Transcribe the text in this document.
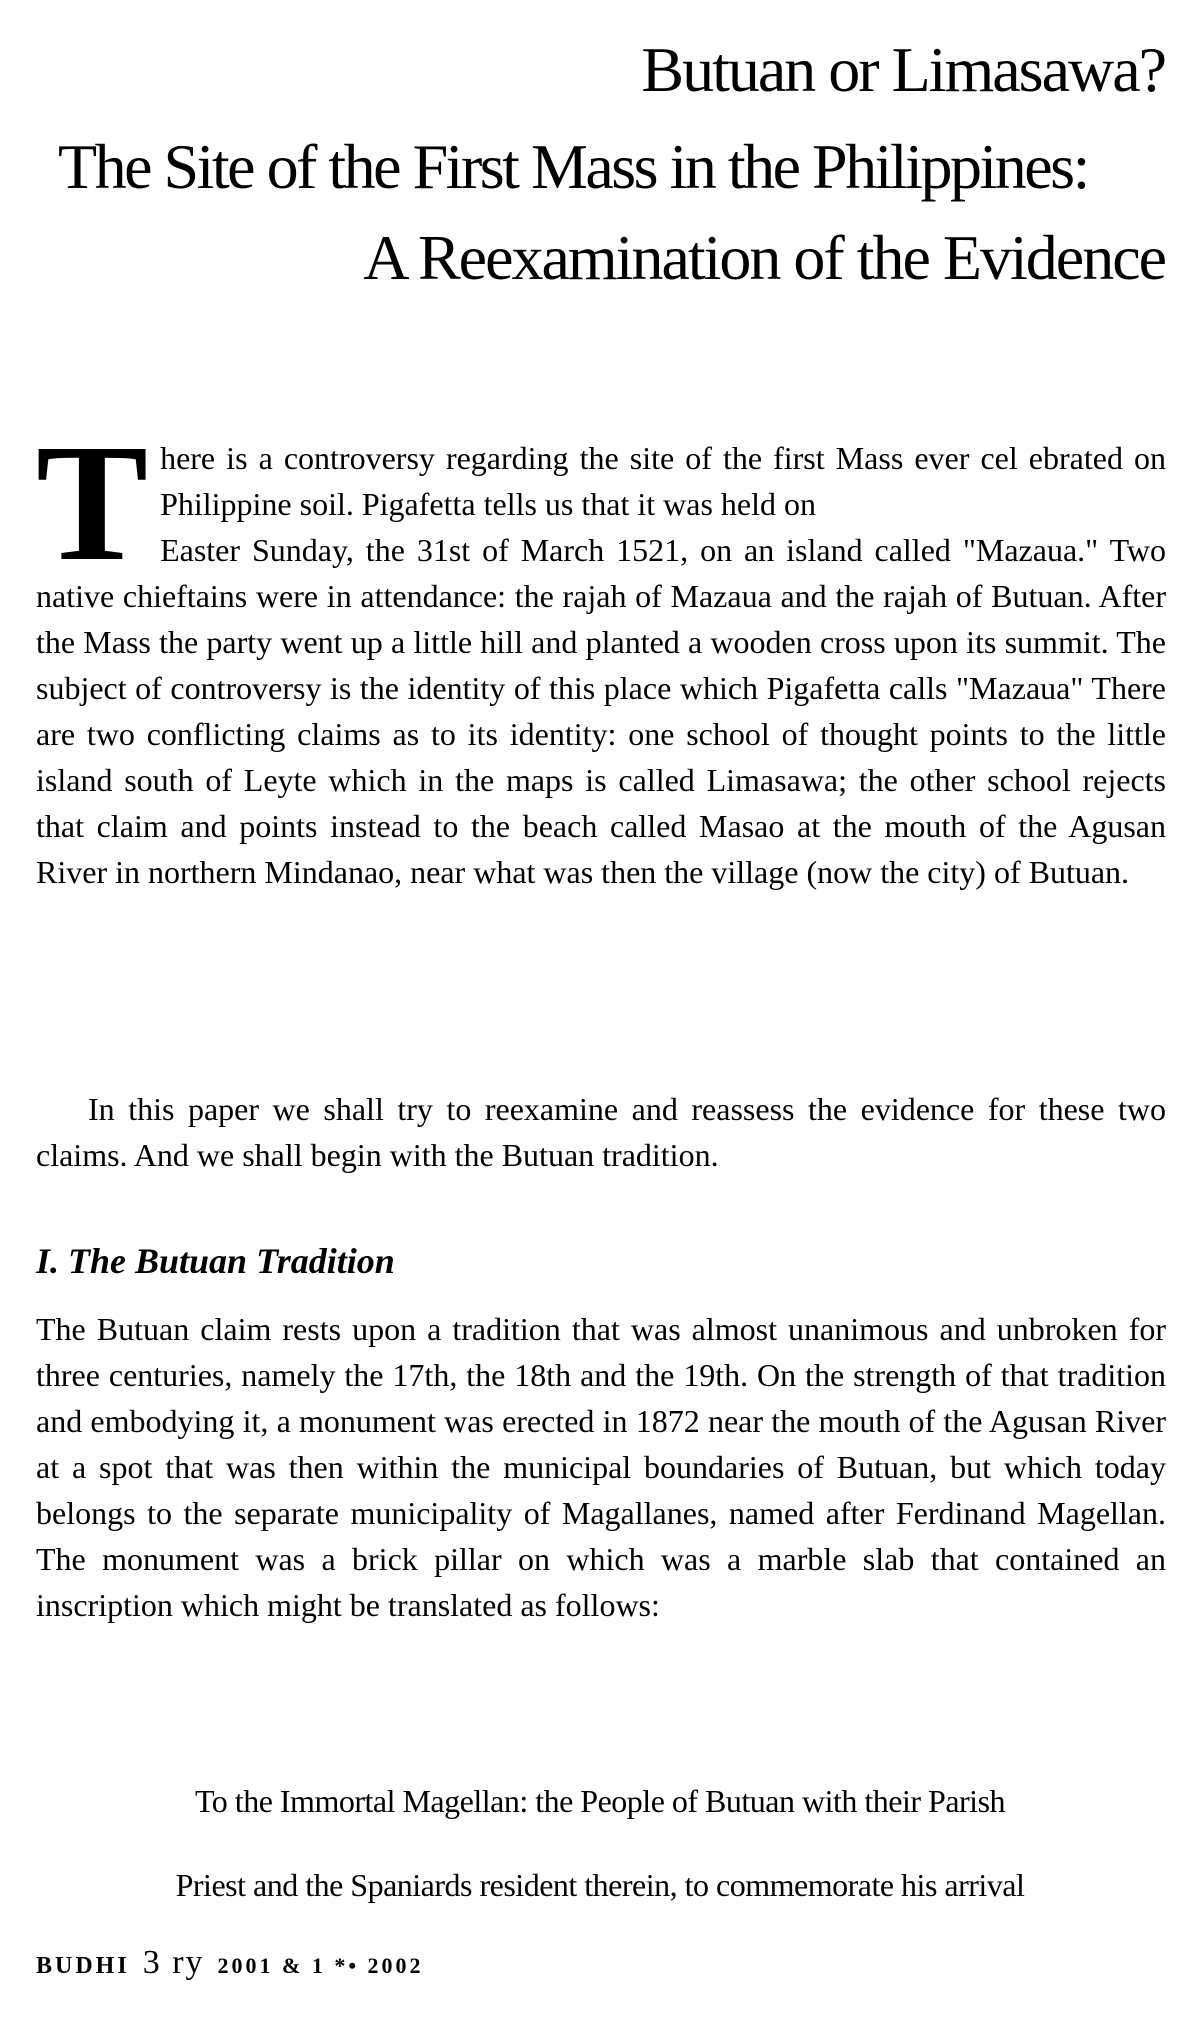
Butuan or Limasawa?
The Site of the First Mass in the Philippines:
A Reexamination of the Evidence
T here is a controversy regarding the site of the first Mass ever cel ebrated on Philippine soil. Pigafetta tells us that it was held on
Easter Sunday, the 31st of March 1521, on an island called "Mazaua." Two native chieftains were in attendance: the rajah of Mazaua and the rajah of Butuan. After the Mass the party went up a little hill and planted a wooden cross upon its summit. The subject of controversy is the identity of this place which Pigafetta calls "Mazaua" There are two conflicting claims as to its identity: one school of thought points to the little island south of Leyte which in the maps is called Limasawa; the other school rejects that claim and points instead to the beach called Masao at the mouth of the Agusan River in northern Mindanao, near what was then the village (now the city) of Butuan.
In this paper we shall try to reexamine and reassess the evidence for these two claims. And we shall begin with the Butuan tradition.
I. The Butuan Tradition
The Butuan claim rests upon a tradition that was almost unanimous and unbroken for three centuries, namely the 17th, the 18th and the 19th. On the strength of that tradition and embodying it, a monument was erected in 1872 near the mouth of the Agusan River at a spot that was then within the municipal boundaries of Butuan, but which today belongs to the separate municipality of Magallanes, named after Ferdinand Magellan. The monument was a brick pillar on which was a marble slab that contained an inscription which might be translated as follows:
To the Immortal Magellan: the People of Butuan with their Parish
Priest and the Spaniards resident therein, to commemorate his arrival
BUDHI 3 ry 2001 & 1 *• 2002
